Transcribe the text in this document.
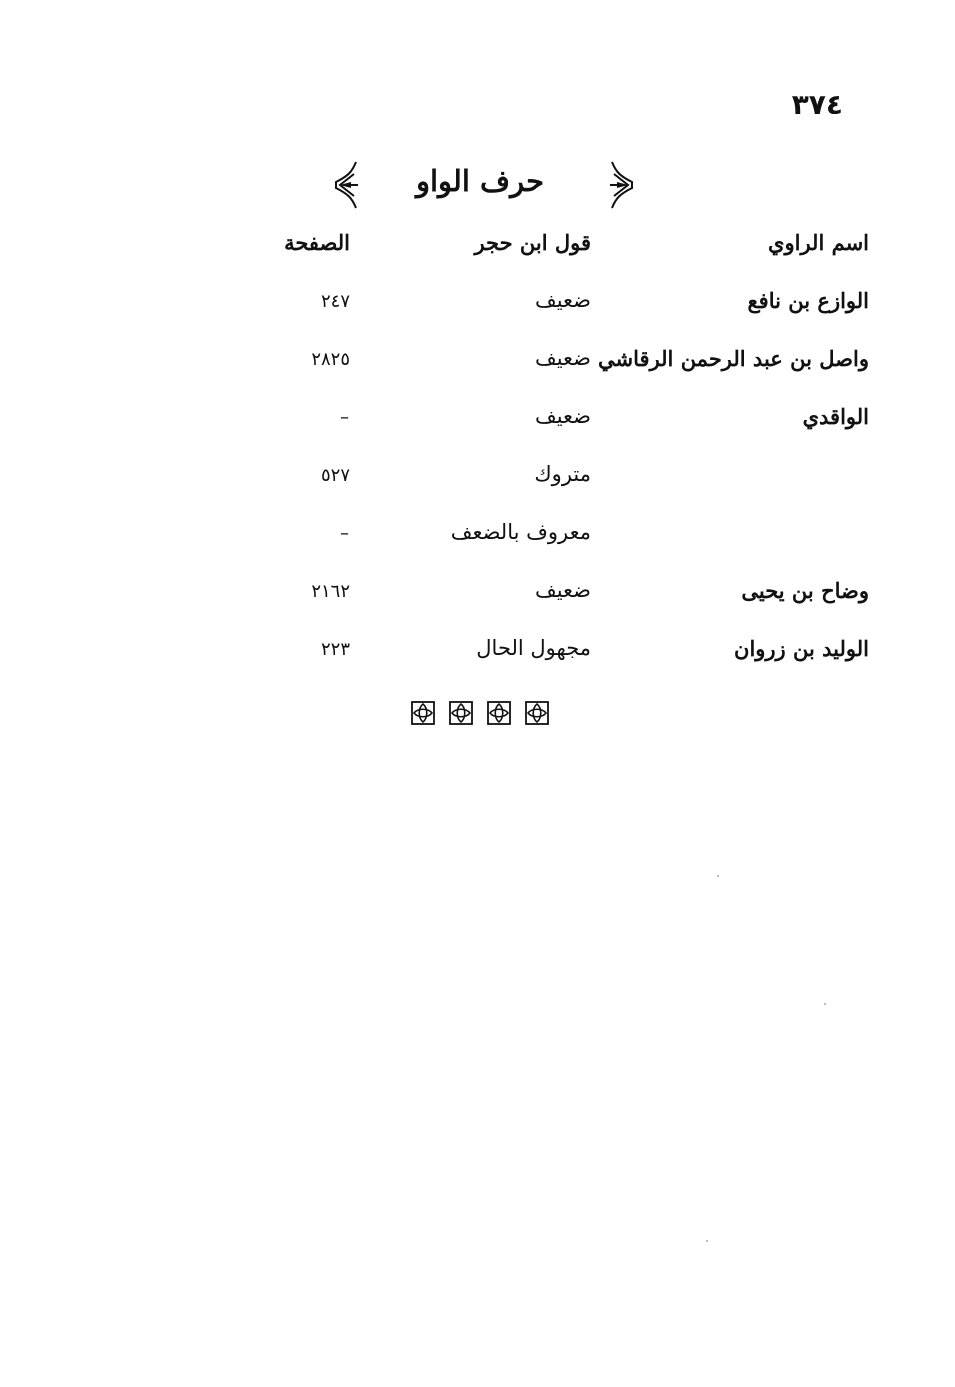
٣٧٤
حرف الواو
اسم الراوي
قول ابن حجر
الصفحة
الوازع بن نافع
ضعيف
٢٤٧
واصل بن عبد الرحمن الرقاشي
ضعيف
٢٨٢٥
الواقدي
ضعيف
–
متروك
٥٢٧
معروف بالضعف
–
وضاح بن يحيى
ضعيف
٢١٦٢
الوليد بن زروان
مجهول الحال
٢٢٣
